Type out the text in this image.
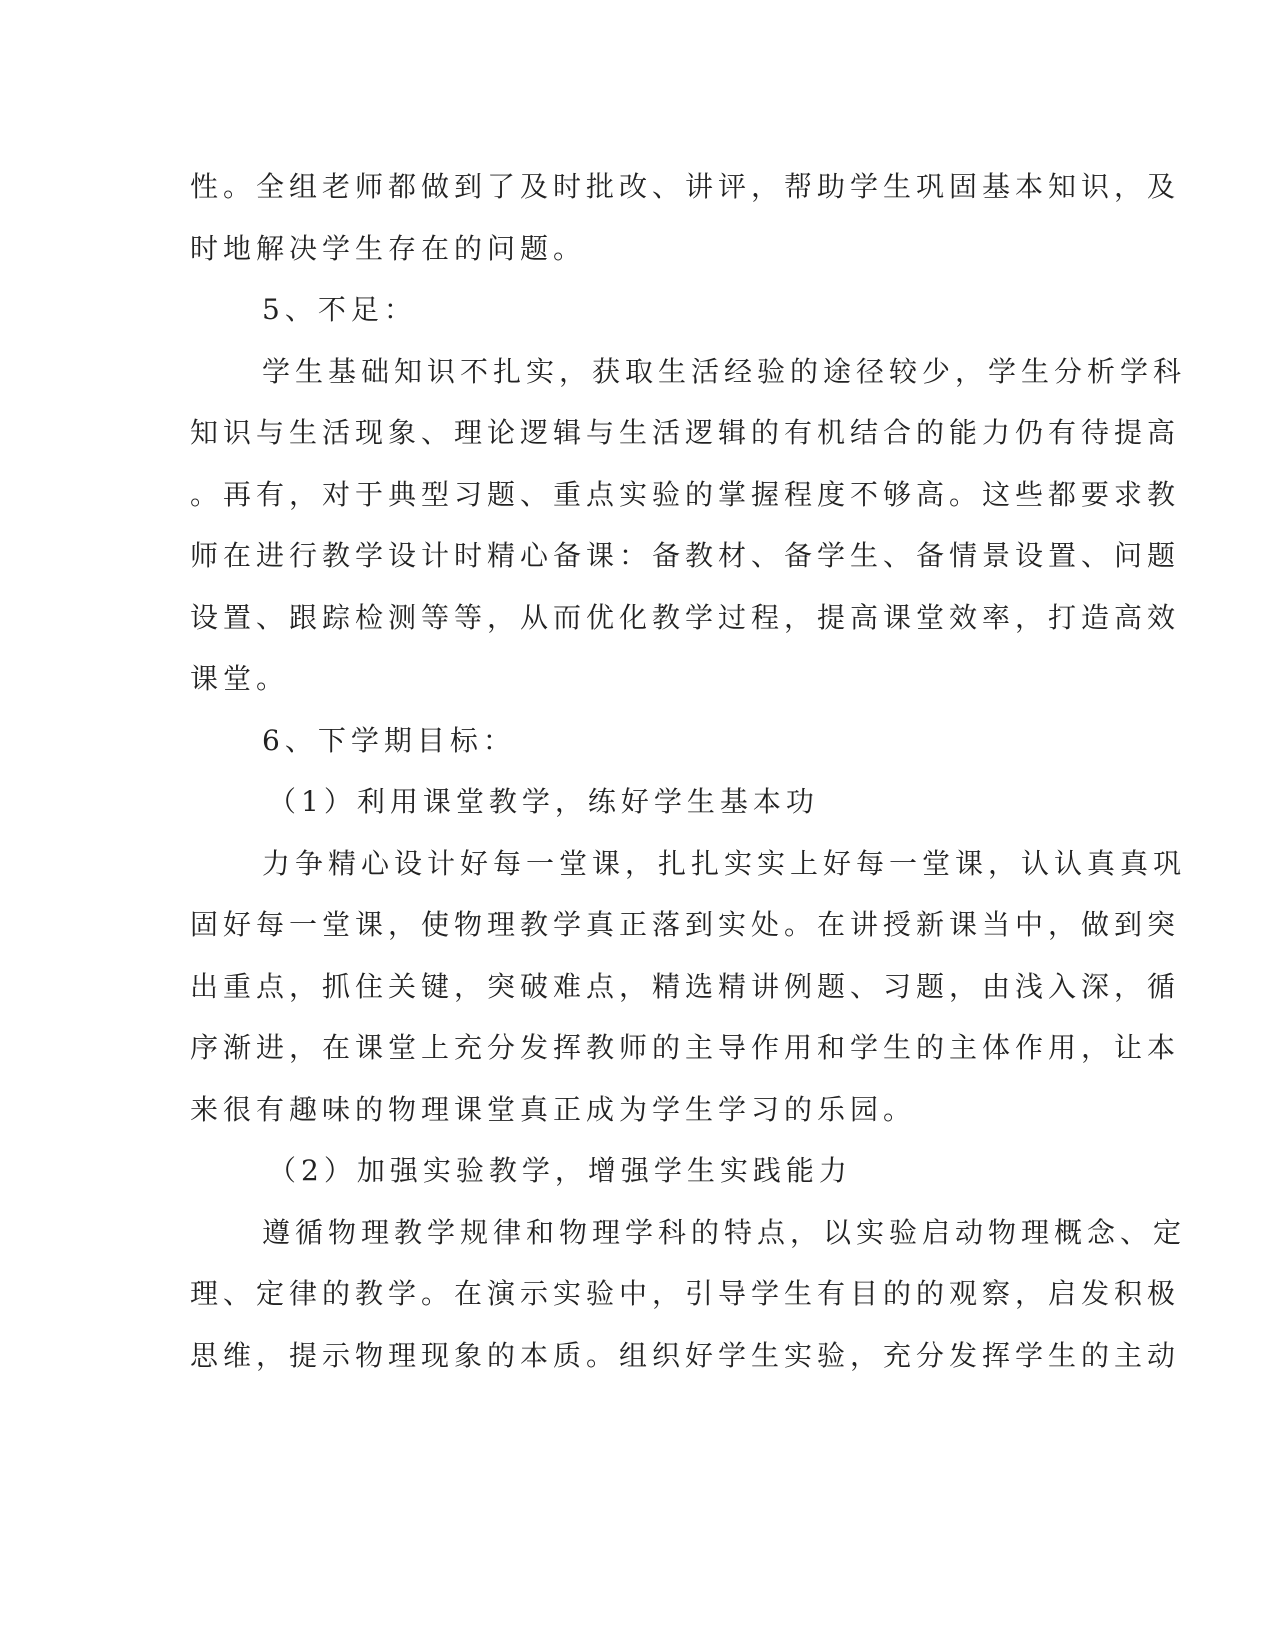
性。全组老师都做到了及时批改、讲评，帮助学生巩固基本知识，及
时地解决学生存在的问题。
5、不足：
学生基础知识不扎实，获取生活经验的途径较少，学生分析学科
知识与生活现象、理论逻辑与生活逻辑的有机结合的能力仍有待提高
。再有，对于典型习题、重点实验的掌握程度不够高。这些都要求教
师在进行教学设计时精心备课：备教材、备学生、备情景设置、问题
设置、跟踪检测等等，从而优化教学过程，提高课堂效率，打造高效
课堂。
6、下学期目标：
（1）利用课堂教学，练好学生基本功
力争精心设计好每一堂课，扎扎实实上好每一堂课，认认真真巩
固好每一堂课，使物理教学真正落到实处。在讲授新课当中，做到突
出重点，抓住关键，突破难点，精选精讲例题、习题，由浅入深，循
序渐进，在课堂上充分发挥教师的主导作用和学生的主体作用，让本
来很有趣味的物理课堂真正成为学生学习的乐园。
（2）加强实验教学，增强学生实践能力
遵循物理教学规律和物理学科的特点，以实验启动物理概念、定
理、定律的教学。在演示实验中，引导学生有目的的观察，启发积极
思维，提示物理现象的本质。组织好学生实验，充分发挥学生的主动
